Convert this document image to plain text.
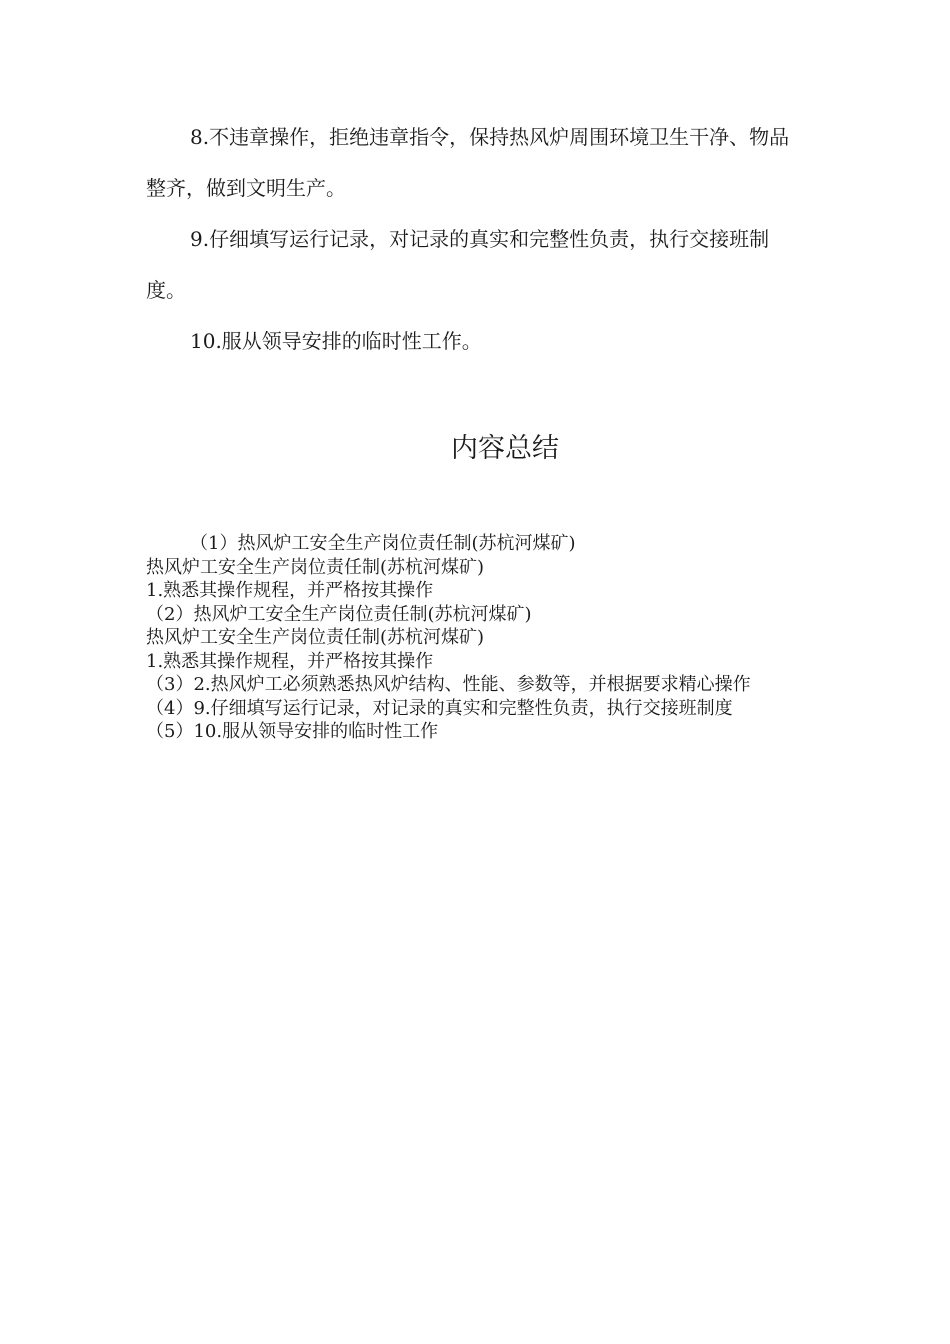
8.不违章操作，拒绝违章指令，保持热风炉周围环境卫生干净、物品整齐，做到文明生产。

9.仔细填写运行记录，对记录的真实和完整性负责，执行交接班制度。

10.服从领导安排的临时性工作。

内容总结
（1）热风炉工安全生产岗位责任制(苏杭河煤矿)
热风炉工安全生产岗位责任制(苏杭河煤矿)
1.熟悉其操作规程，并严格按其操作
（2）热风炉工安全生产岗位责任制(苏杭河煤矿)
热风炉工安全生产岗位责任制(苏杭河煤矿)
1.熟悉其操作规程，并严格按其操作
（3）2.热风炉工必须熟悉热风炉结构、性能、参数等，并根据要求精心操作
（4）9.仔细填写运行记录，对记录的真实和完整性负责，执行交接班制度
（5）10.服从领导安排的临时性工作
